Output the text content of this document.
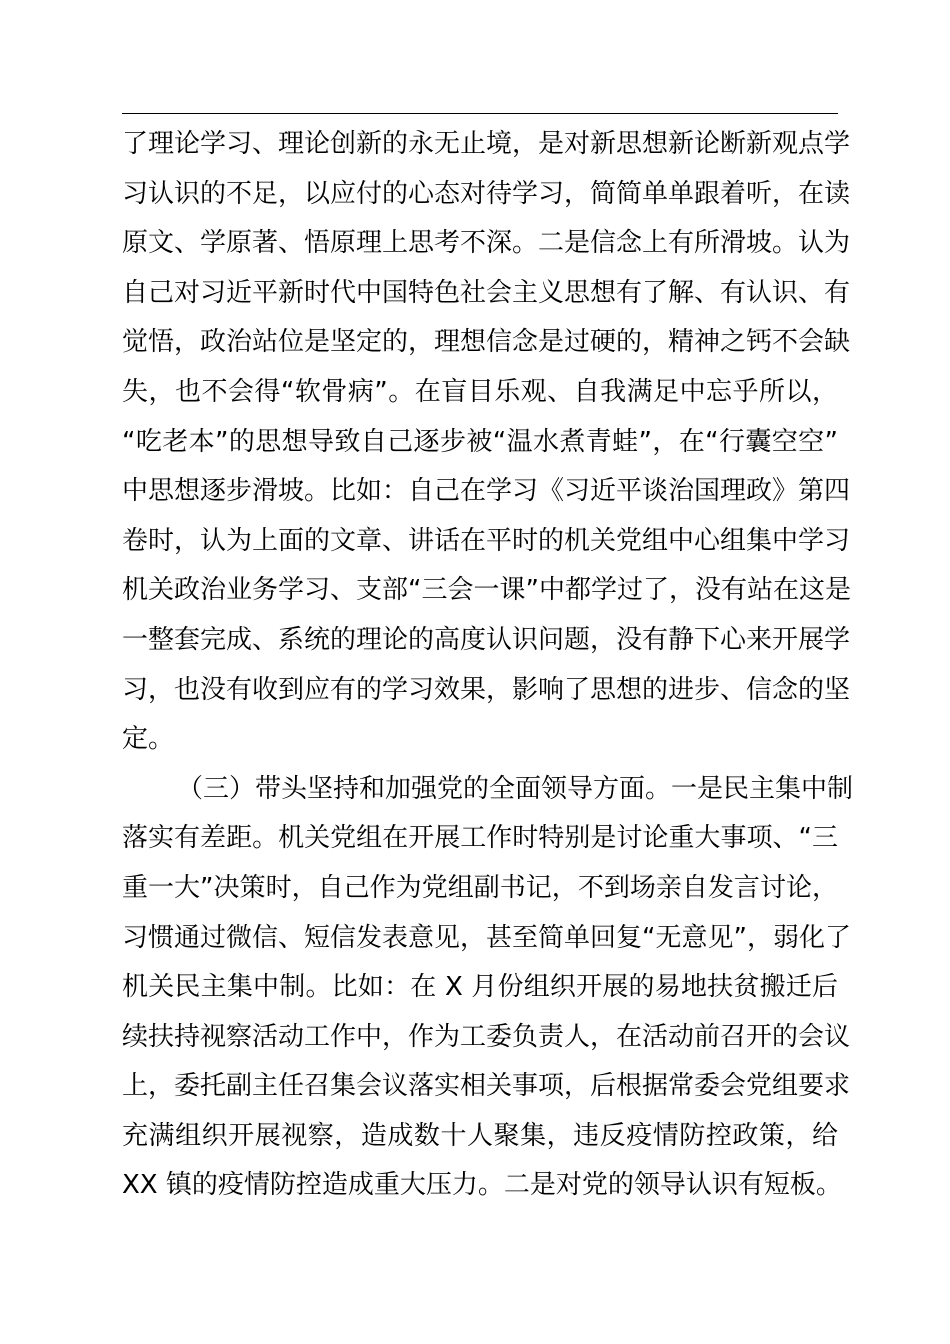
了理论学习、理论创新的永无止境，是对新思想新论断新观点学
习认识的不足，以应付的心态对待学习，简简单单跟着听，在读
原文、学原著、悟原理上思考不深。二是信念上有所滑坡。认为
自己对习近平新时代中国特色社会主义思想有了解、有认识、有
觉悟，政治站位是坚定的，理想信念是过硬的，精神之钙不会缺
失，也不会得“软骨病”。在盲目乐观、自我满足中忘乎所以，
“吃老本”的思想导致自己逐步被“温水煮青蛙”，在“行囊空空”
中思想逐步滑坡。比如：自己在学习《习近平谈治国理政》第四
卷时，认为上面的文章、讲话在平时的机关党组中心组集中学习
机关政治业务学习、支部“三会一课”中都学过了，没有站在这是
一整套完成、系统的理论的高度认识问题，没有静下心来开展学
习，也没有收到应有的学习效果，影响了思想的进步、信念的坚
定。
（三）带头坚持和加强党的全面领导方面。一是民主集中制
落实有差距。机关党组在开展工作时特别是讨论重大事项、“三
重一大”决策时，自己作为党组副书记，不到场亲自发言讨论，
习惯通过微信、短信发表意见，甚至简单回复“无意见”，弱化了
机关民主集中制。比如：在 X 月份组织开展的易地扶贫搬迁后
续扶持视察活动工作中，作为工委负责人，在活动前召开的会议
上，委托副主任召集会议落实相关事项，后根据常委会党组要求
充满组织开展视察，造成数十人聚集，违反疫情防控政策，给
XX 镇的疫情防控造成重大压力。二是对党的领导认识有短板。
